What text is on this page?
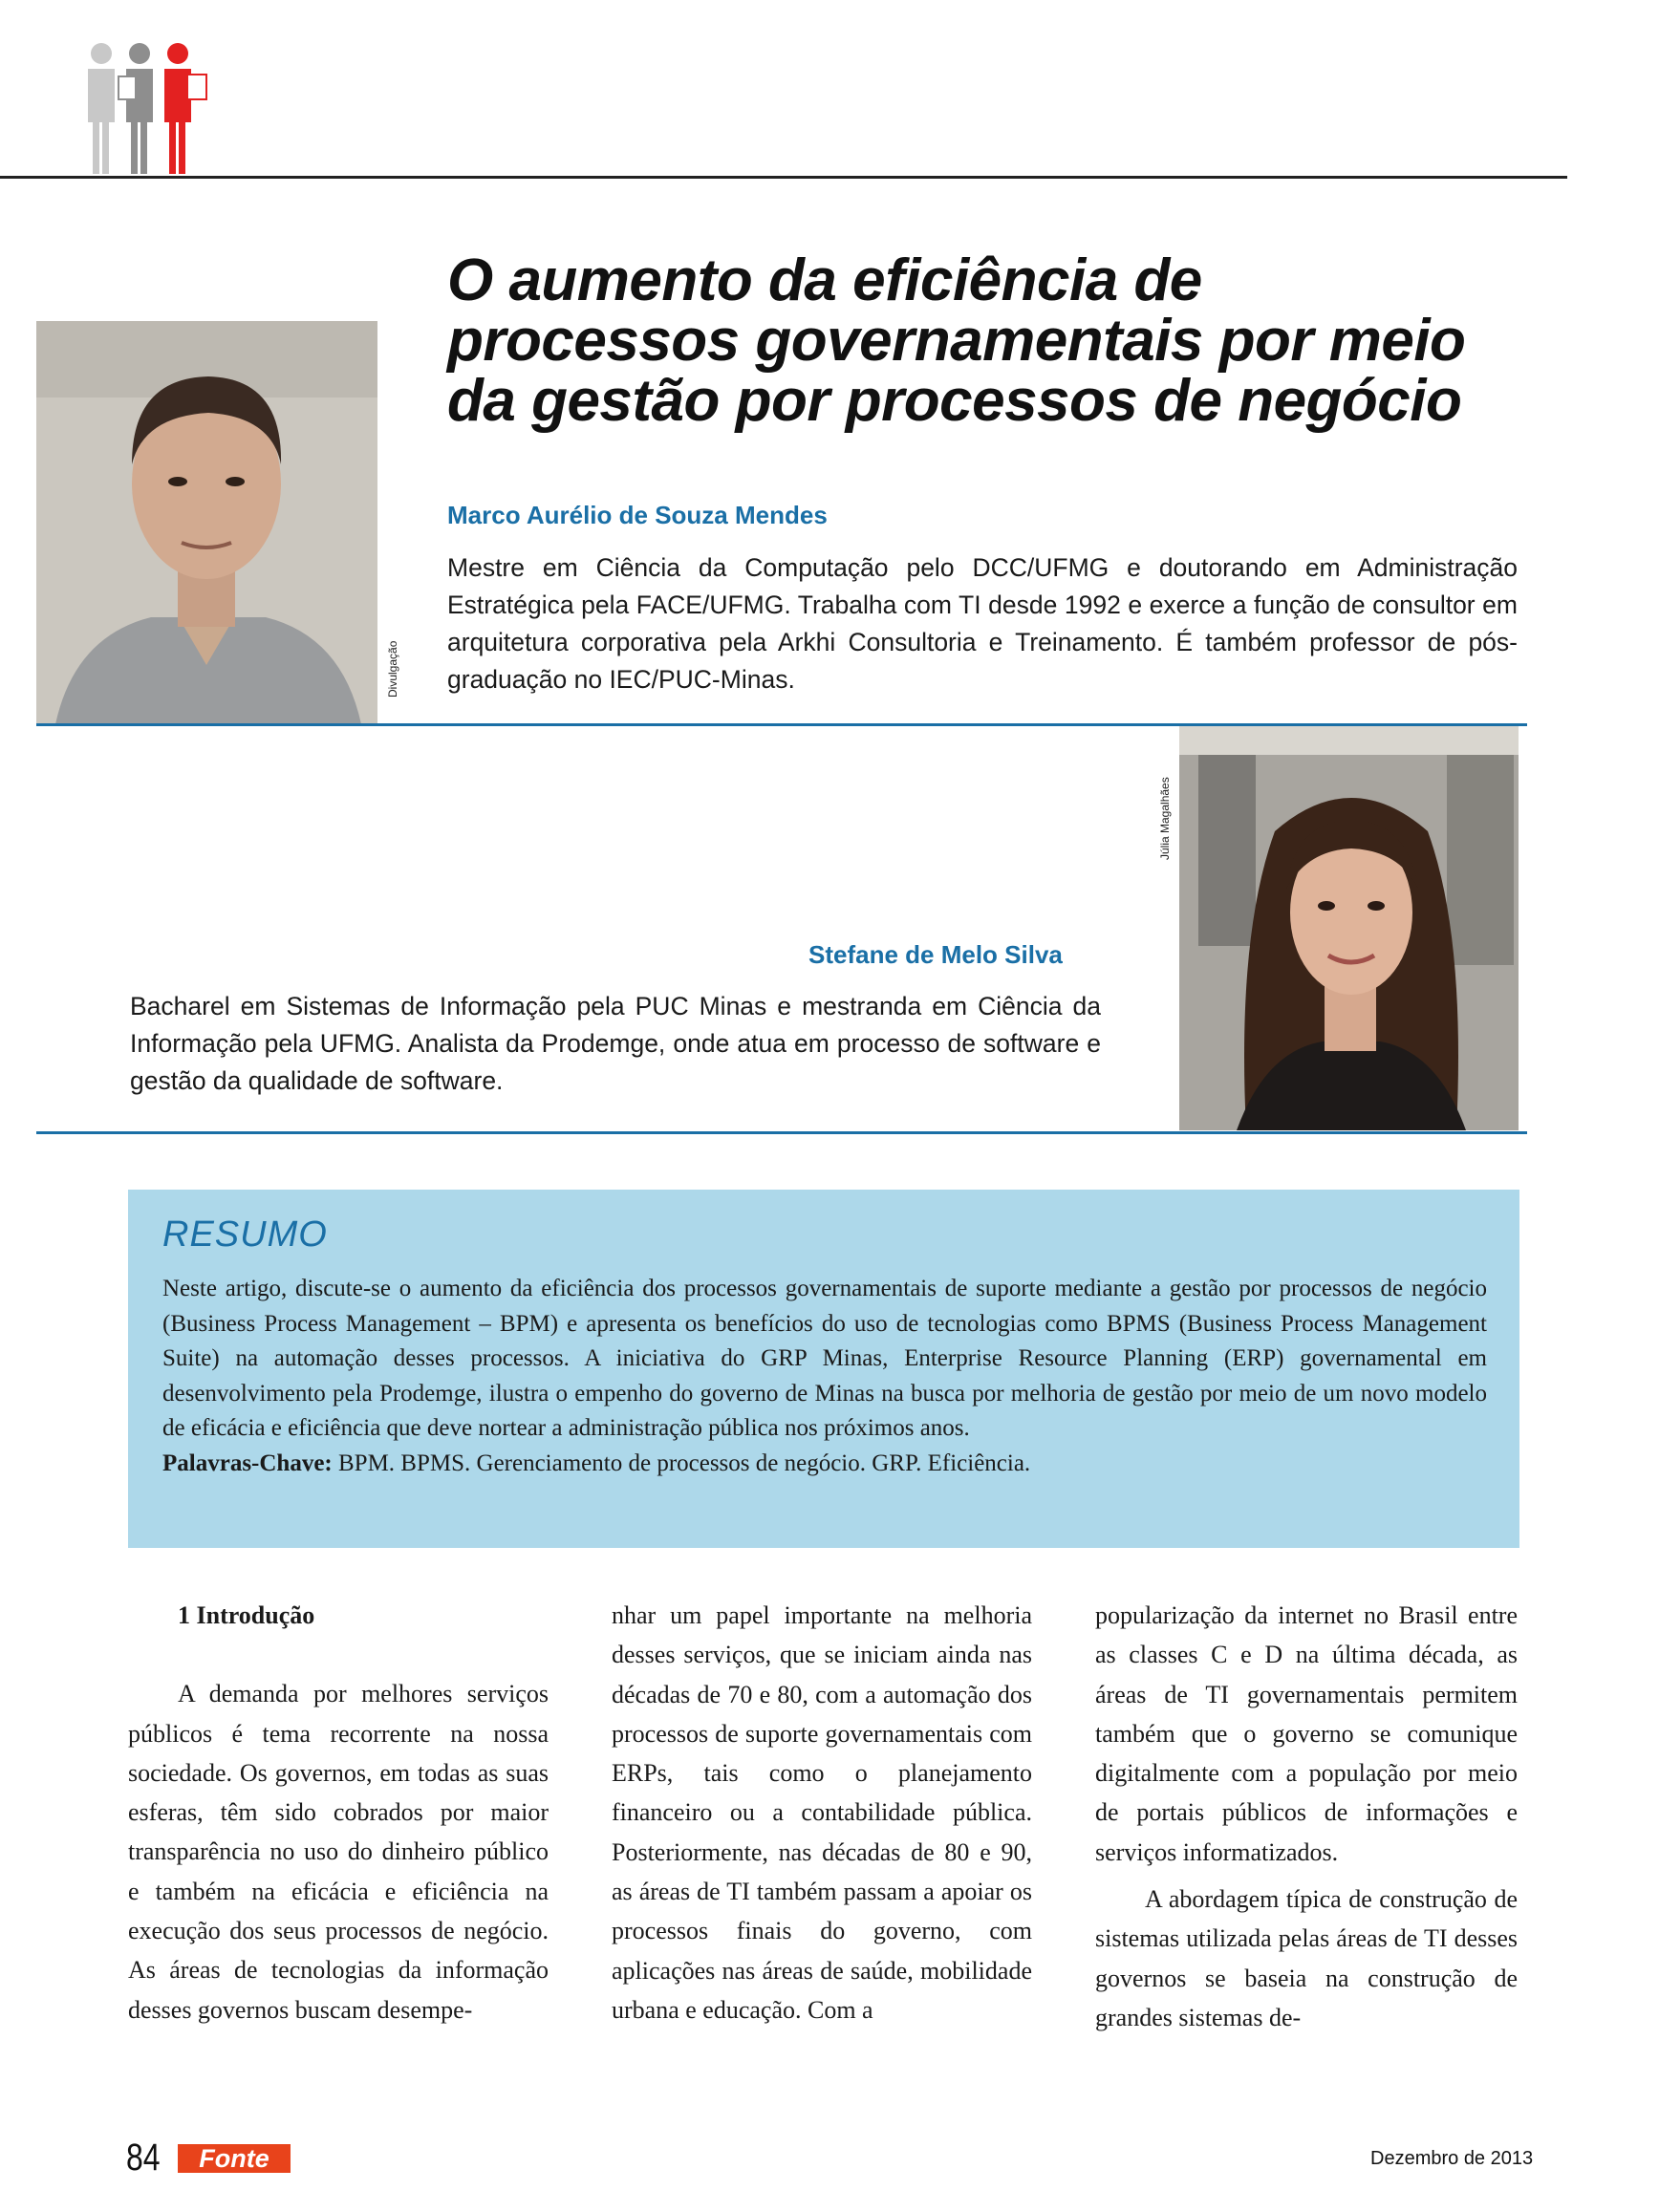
O aumento da eficiência de
processos governamentais por meio
da gestão por processos de negócio
Divulgação
Marco Aurélio de Souza Mendes

Mestre em Ciência da Computação pelo DCC/UFMG e doutorando em Administração Estratégica pela FACE/UFMG. Trabalha com TI desde 1992 e exerce a função de consultor em arquitetura corporativa pela Arkhi Consultoria e Treinamento. É também professor de pós-graduação no IEC/PUC-Minas.

Júlia Magalhães
Stefane de Melo Silva

Bacharel em Sistemas de Informação pela PUC Minas e mestranda em Ciência da Informação pela UFMG. Analista da Prodemge, onde atua em processo de software e gestão da qualidade de software.

RESUMO
Neste artigo, discute-se o aumento da eficiência dos processos governamentais de suporte mediante a gestão por processos de negócio (Business Process Management – BPM) e apresenta os benefícios do uso de tecnologias como BPMS (Business Process Management Suite) na automação desses processos. A iniciativa do GRP Minas, Enterprise Resource Planning (ERP) governamental em desenvolvimento pela Prodemge, ilustra o empenho do governo de Minas na busca por melhoria de gestão por meio de um novo modelo de eficácia e eficiência que deve nortear a administração pública nos próximos anos.
Palavras-Chave: BPM. BPMS. Gerenciamento de processos de negócio. GRP. Eficiência.

1 Introdução

A demanda por melhores serviços públicos é tema recorrente na nossa sociedade. Os governos, em todas as suas esferas, têm sido cobrados por maior transparência no uso do dinheiro público e também na eficácia e eficiência na execução dos seus processos de negócio. As áreas de tecnologias da informação desses governos buscam desempe-

nhar um papel importante na melhoria desses serviços, que se iniciam ainda nas décadas de 70 e 80, com a automação dos processos de suporte governamentais com ERPs, tais como o planejamento financeiro ou a contabilidade pública. Posteriormente, nas décadas de 80 e 90, as áreas de TI também passam a apoiar os processos finais do governo, com aplicações nas áreas de saúde, mobilidade urbana e educação. Com a

popularização da internet no Brasil entre as classes C e D na última década, as áreas de TI governamentais permitem também que o governo se comunique digitalmente com a população por meio de portais públicos de informações e serviços informatizados.

A abordagem típica de construção de sistemas utilizada pelas áreas de TI desses governos se baseia na construção de grandes sistemas de-

84	Fonte	Dezembro de 2013
